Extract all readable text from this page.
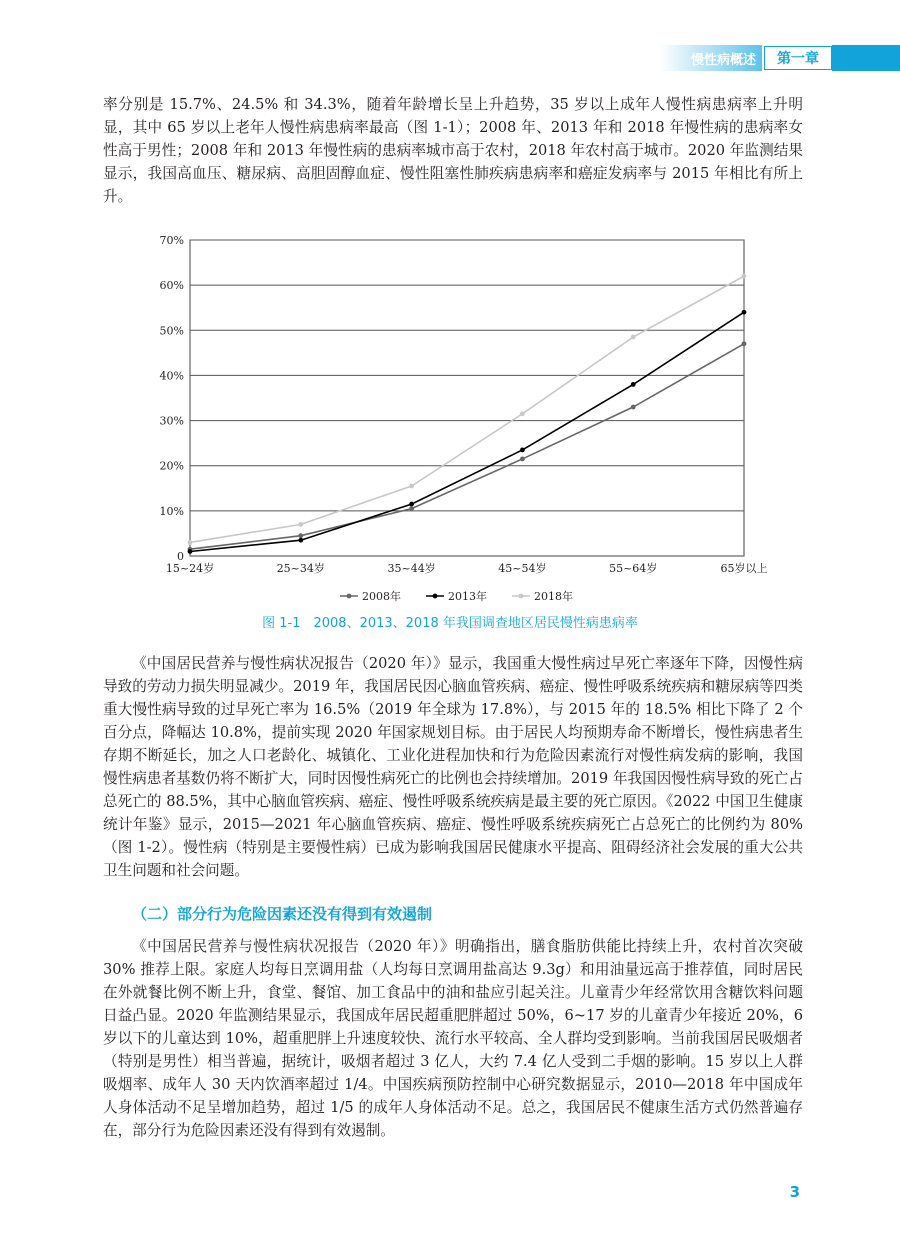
慢性病概述	第一章

率分别是 15.7%、24.5% 和 34.3%，随着年龄增长呈上升趋势，35 岁以上成年人慢性病患病率上升明显，其中 65 岁以上老年人慢性病患病率最高（图 1-1）；2008 年、2013 年和 2018 年慢性病的患病率女性高于男性；2008 年和 2013 年慢性病的患病率城市高于农村，2018 年农村高于城市。2020 年监测结果显示，我国高血压、糖尿病、高胆固醇血症、慢性阻塞性肺疾病患病率和癌症发病率与 2015 年相比有所上升。

0
10%
20%
30%
40%
50%
60%
70%
15~24岁	25~34岁	35~44岁	45~54岁	55~64岁	65岁以上
2008年	2013年	2018年
图 1-1　2008、2013、2018 年我国调查地区居民慢性病患病率

《中国居民营养与慢性病状况报告（2020 年）》显示，我国重大慢性病过早死亡率逐年下降，因慢性病导致的劳动力损失明显减少。2019 年，我国居民因心脑血管疾病、癌症、慢性呼吸系统疾病和糖尿病等四类重大慢性病导致的过早死亡率为 16.5%（2019 年全球为 17.8%），与 2015 年的 18.5% 相比下降了 2 个百分点，降幅达 10.8%，提前实现 2020 年国家规划目标。由于居民人均预期寿命不断增长，慢性病患者生存期不断延长，加之人口老龄化、城镇化、工业化进程加快和行为危险因素流行对慢性病发病的影响，我国慢性病患者基数仍将不断扩大，同时因慢性病死亡的比例也会持续增加。2019 年我国因慢性病导致的死亡占总死亡的 88.5%，其中心脑血管疾病、癌症、慢性呼吸系统疾病是最主要的死亡原因。《2022 中国卫生健康统计年鉴》显示，2015—2021 年心脑血管疾病、癌症、慢性呼吸系统疾病死亡占总死亡的比例约为 80%（图 1-2）。慢性病（特别是主要慢性病）已成为影响我国居民健康水平提高、阻碍经济社会发展的重大公共卫生问题和社会问题。

（二）部分行为危险因素还没有得到有效遏制

《中国居民营养与慢性病状况报告（2020 年）》明确指出，膳食脂肪供能比持续上升，农村首次突破 30% 推荐上限。家庭人均每日烹调用盐（人均每日烹调用盐高达 9.3g）和用油量远高于推荐值，同时居民在外就餐比例不断上升，食堂、餐馆、加工食品中的油和盐应引起关注。儿童青少年经常饮用含糖饮料问题日益凸显。2020 年监测结果显示，我国成年居民超重肥胖超过 50%，6~17 岁的儿童青少年接近 20%，6 岁以下的儿童达到 10%，超重肥胖上升速度较快、流行水平较高、全人群均受到影响。当前我国居民吸烟者（特别是男性）相当普遍，据统计，吸烟者超过 3 亿人，大约 7.4 亿人受到二手烟的影响。15 岁以上人群吸烟率、成年人 30 天内饮酒率超过 1/4。中国疾病预防控制中心研究数据显示，2010—2018 年中国成年人身体活动不足呈增加趋势，超过 1/5 的成年人身体活动不足。总之，我国居民不健康生活方式仍然普遍存在，部分行为危险因素还没有得到有效遏制。

3
